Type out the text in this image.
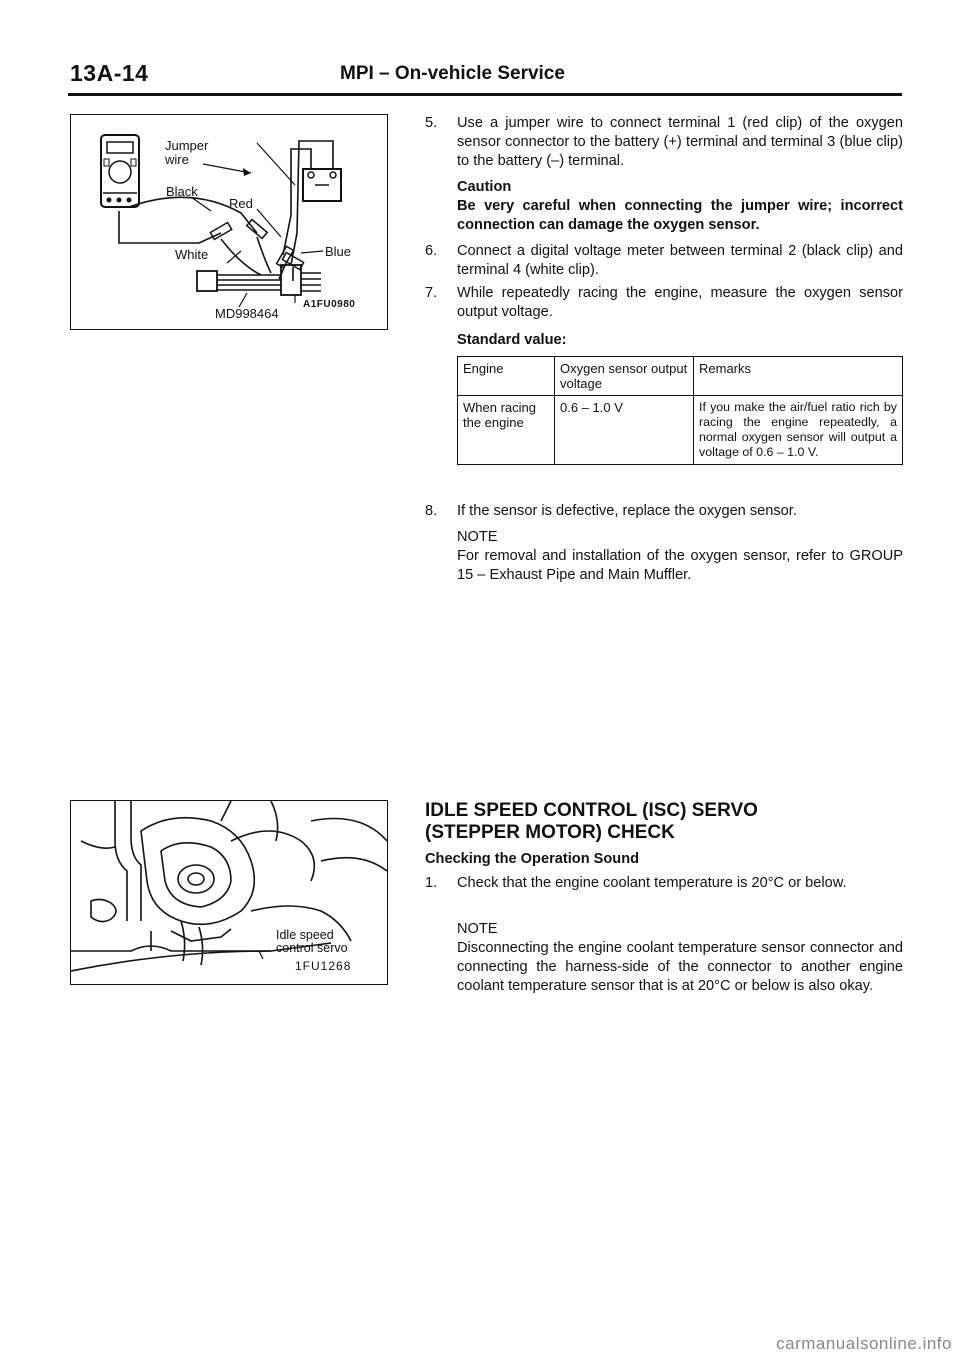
13A-14	MPI – On-vehicle Service
Jumper
wire
Black
Red
White	Blue
MD998464
A1FU0980
Idle speed
control servo
1FU1268
5. Use a jumper wire to connect terminal 1 (red clip) of the oxygen sensor connector to the battery (+) terminal and terminal 3 (blue clip) to the battery (–) terminal.
Caution
Be very careful when connecting the jumper wire; incorrect connection can damage the oxygen sensor.
6. Connect a digital voltage meter between terminal 2 (black clip) and terminal 4 (white clip).
7. While repeatedly racing the engine, measure the oxygen sensor output voltage.
Standard value:
Engine	Oxygen sensor output voltage	Remarks
When racing the engine	0.6 – 1.0 V	If you make the air/fuel ratio rich by racing the engine repeatedly, a normal oxygen sensor will output a voltage of 0.6 – 1.0 V.
8. If the sensor is defective, replace the oxygen sensor.
NOTE
For removal and installation of the oxygen sensor, refer to GROUP 15 – Exhaust Pipe and Main Muffler.
IDLE SPEED CONTROL (ISC) SERVO
(STEPPER MOTOR) CHECK
Checking the Operation Sound
1. Check that the engine coolant temperature is 20°C or below.
NOTE
Disconnecting the engine coolant temperature sensor connector and connecting the harness-side of the connector to another engine coolant temperature sensor that is at 20°C or below is also okay.
carmanualsonline.info
